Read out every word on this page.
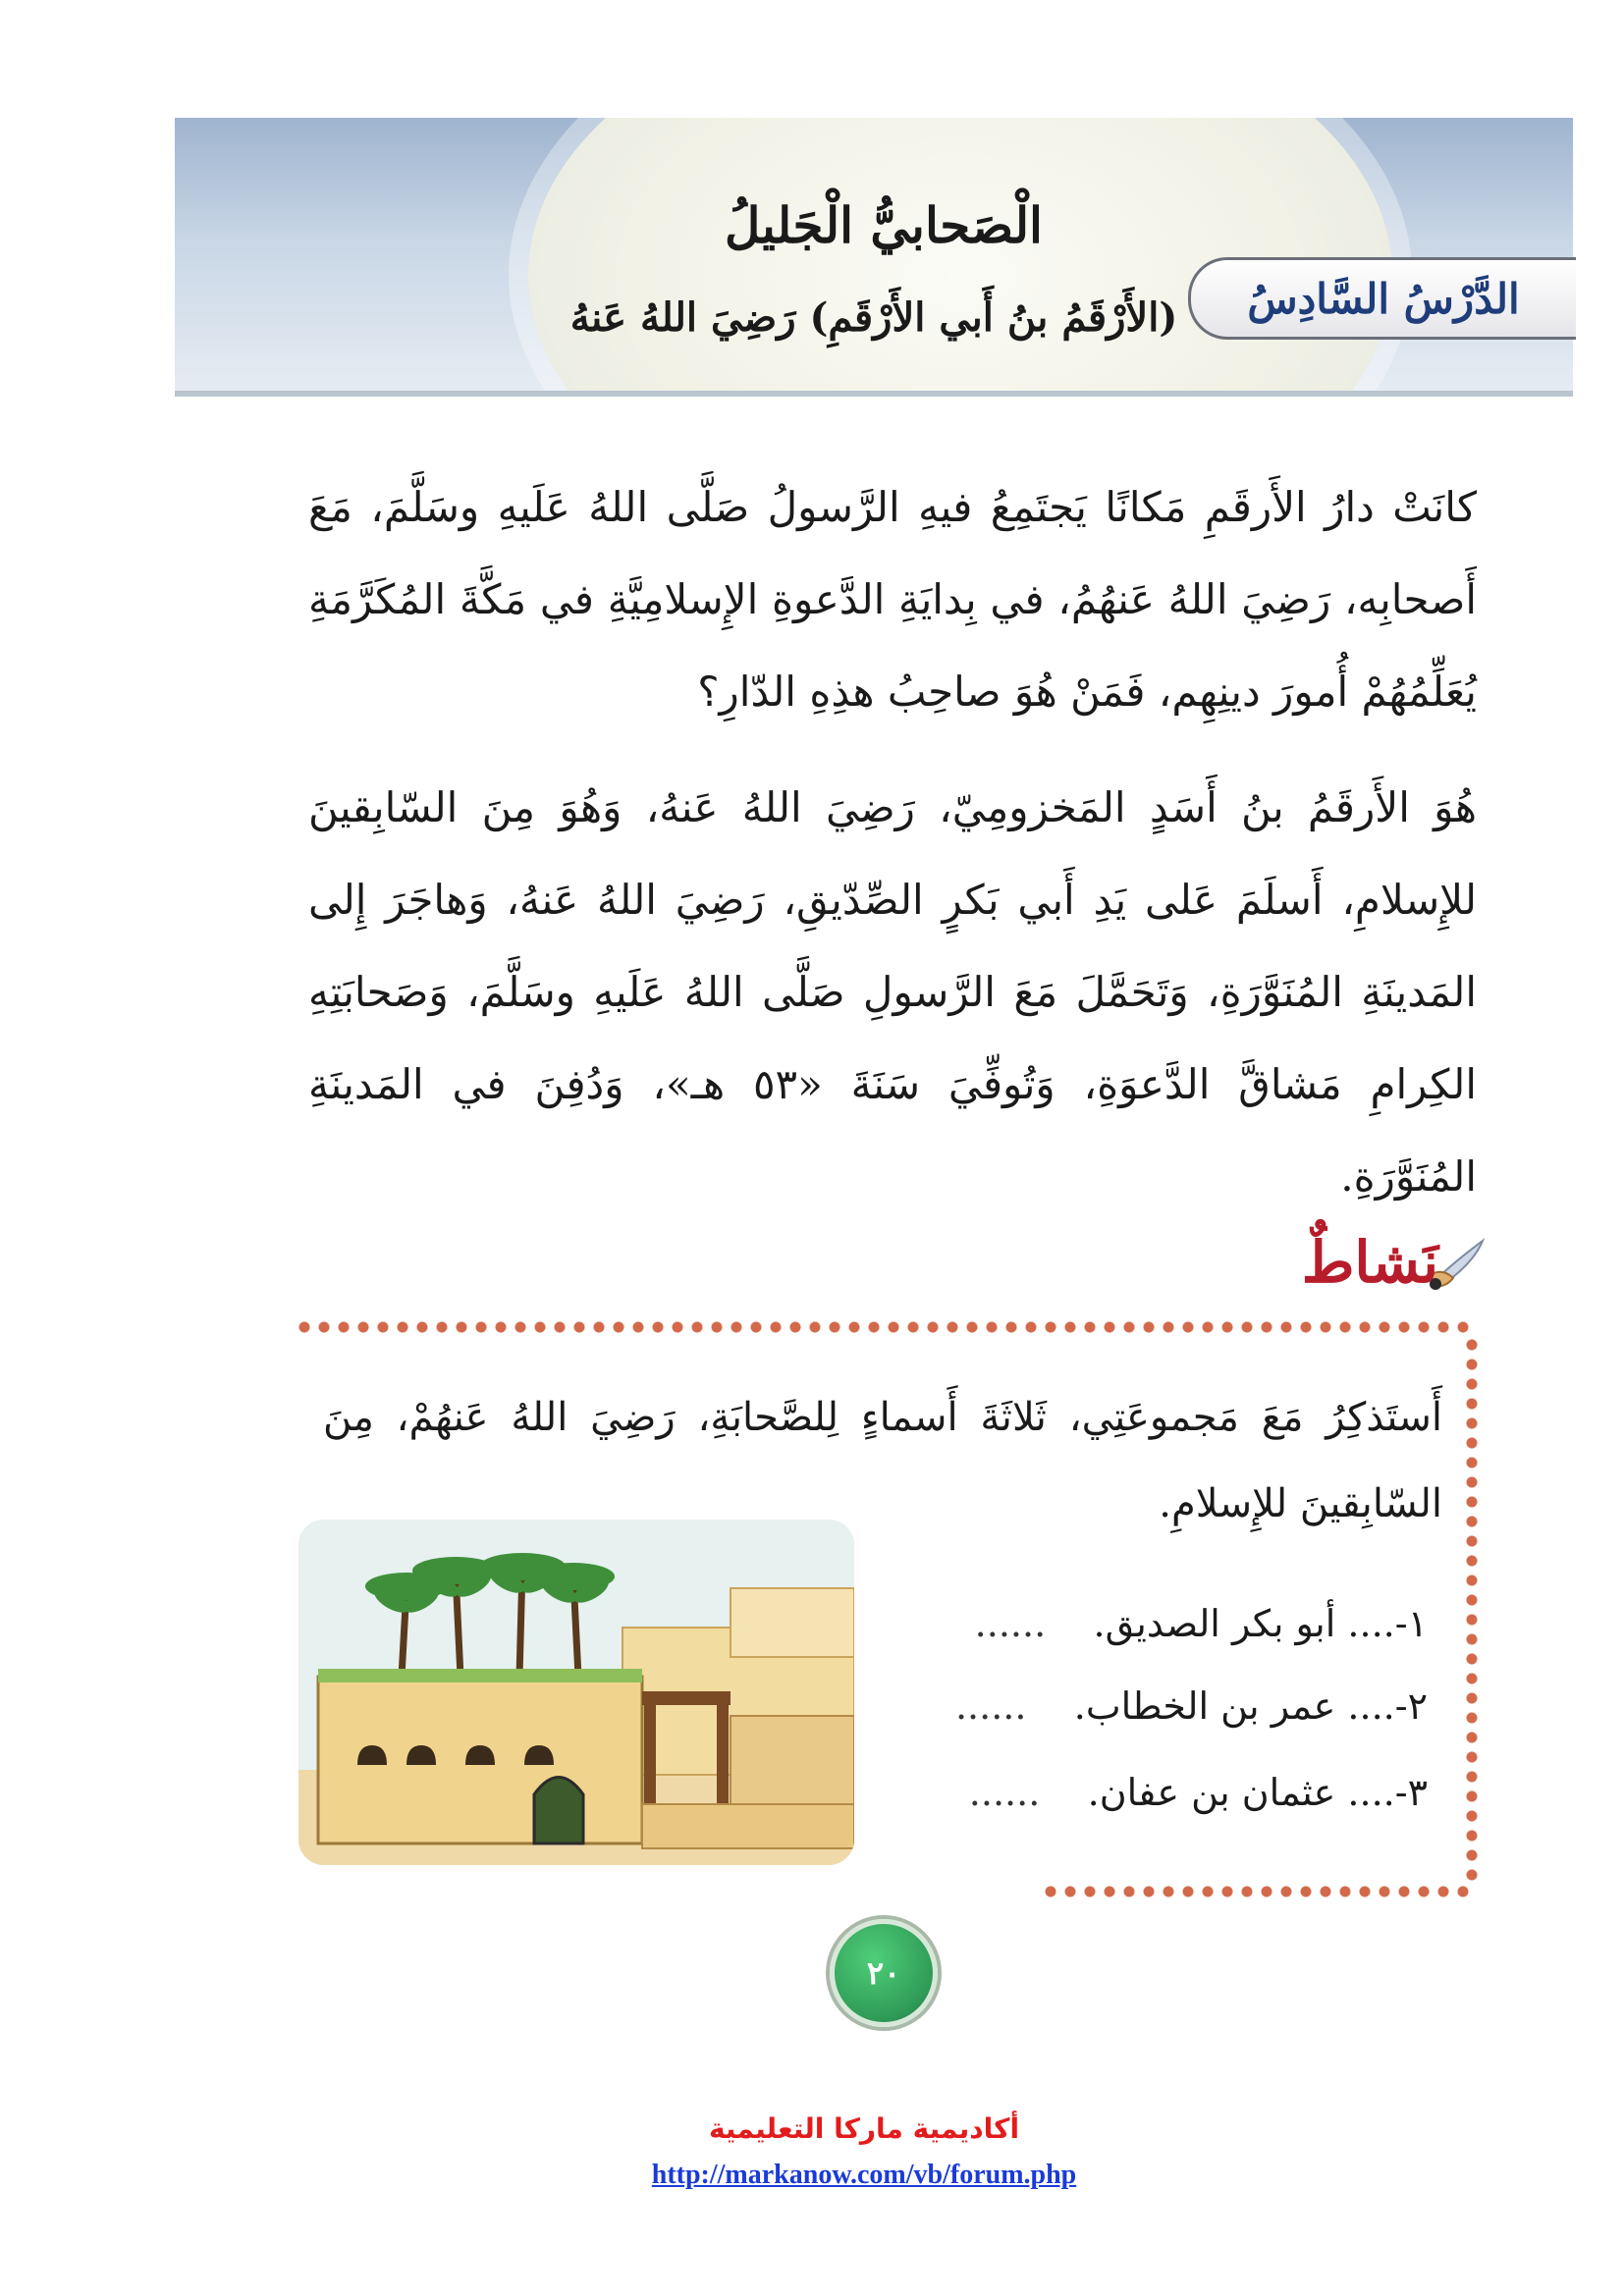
الدَّرْسُ السَّادِسُ
الْصَحابيُّ الْجَليلُ
(الأَرْقَمُ بنُ أَبي الأَرْقَمِ) رَضِيَ اللهُ عَنهُ
كانَتْ دارُ الأَرقَمِ مَكانًا يَجتَمِعُ فيهِ الرَّسولُ صَلَّى اللهُ عَلَيهِ وسَلَّمَ، مَعَ أَصحابِه، رَضِيَ اللهُ عَنهُمُ، في بِدايَةِ الدَّعوةِ الإِسلامِيَّةِ في مَكَّةَ المُكَرَّمَةِ يُعَلِّمُهُمْ أُمورَ دينِهِم، فَمَنْ هُوَ صاحِبُ هذِهِ الدّارِ؟
هُوَ الأَرقَمُ بنُ أَسَدٍ المَخزومِيّ، رَضِيَ اللهُ عَنهُ، وَهُوَ مِنَ السّابِقينَ للإِسلامِ، أَسلَمَ عَلى يَدِ أَبي بَكرٍ الصِّدّيقِ، رَضِيَ اللهُ عَنهُ، وَهاجَرَ إِلى المَدينَةِ المُنَوَّرَةِ، وَتَحَمَّلَ مَعَ الرَّسولِ صَلَّى اللهُ عَلَيهِ وسَلَّمَ، وَصَحابَتِهِ الكِرامِ مَشاقَّ الدَّعوَةِ، وَتُوفِّيَ سَنَةَ «٥٣ هـ»، وَدُفِنَ في المَدينَةِ المُنَوَّرَةِ.
نَشاطٌ
أَستَذكِرُ مَعَ مَجموعَتِي، ثَلاثَةَ أَسماءٍ لِلصَّحابَةِ، رَضِيَ اللهُ عَنهُمْ، مِنَ السّابِقينَ للإِسلامِ.
١-.... أبو بكر الصديق.    ......
٢-.... عمر بن الخطاب.    ......
٣-.... عثمان بن عفان.    ......
٢٠
أكاديمية ماركا التعليمية
http://markanow.com/vb/forum.php
